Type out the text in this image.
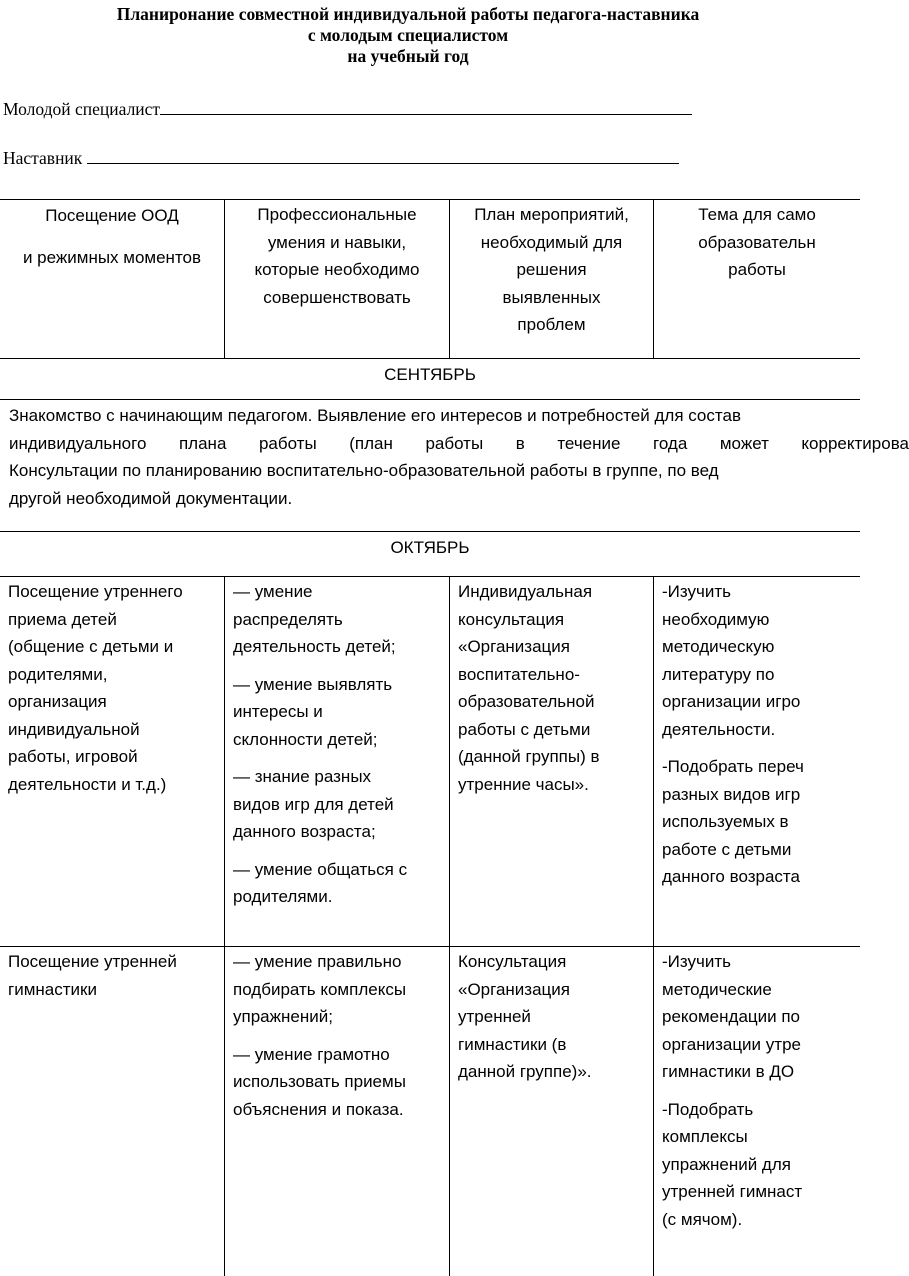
Планиронание совместной индивидуальной работы педагога-наставника
с молодым специалистом
на учебный год
Молодой специалист
Наставник
Посещение ООД
и режимных моментов
Профессиональные
умения и навыки,
которые необходимо
совершенствовать
План мероприятий,
необходимый для
решения
выявленных
проблем
Тема для само
образовательн
работы
СЕНТЯБРЬ
Знакомство с начинающим педагогом. Выявление его интересов и потребностей для состав
индивидуального плана работы (план работы в течение года может корректирова
Консультации по планированию воспитательно-образовательной работы в группе, по вед
другой необходимой документации.
ОКТЯБРЬ
Посещение утреннего
приема детей
(общение с детьми и
родителями,
организация
индивидуальной
работы, игровой
деятельности и т.д.)

— умение
распределять
деятельность детей;

— умение выявлять
интересы и
склонности детей;

— знание разных
видов игр для детей
данного возраста;

— умение общаться с
родителями.

Индивидуальная
консультация
«Организация
воспитательно-
образовательной
работы с детьми
(данной группы) в
утренние часы».

-Изучить
необходимую
методическую
литературу по
организации игро
деятельности.

-Подобрать переч
разных видов игр
используемых в
работе с детьми
данного возраста

Посещение утренней
гимнастики

— умение правильно
подбирать комплексы
упражнений;

— умение грамотно
использовать приемы
объяснения и показа.

Консультация
«Организация
утренней
гимнастики (в
данной группе)».

-Изучить
методические
рекомендации по
организации утре
гимнастики в ДО

-Подобрать
комплексы
упражнений для
утренней гимнаст
(с мячом).
